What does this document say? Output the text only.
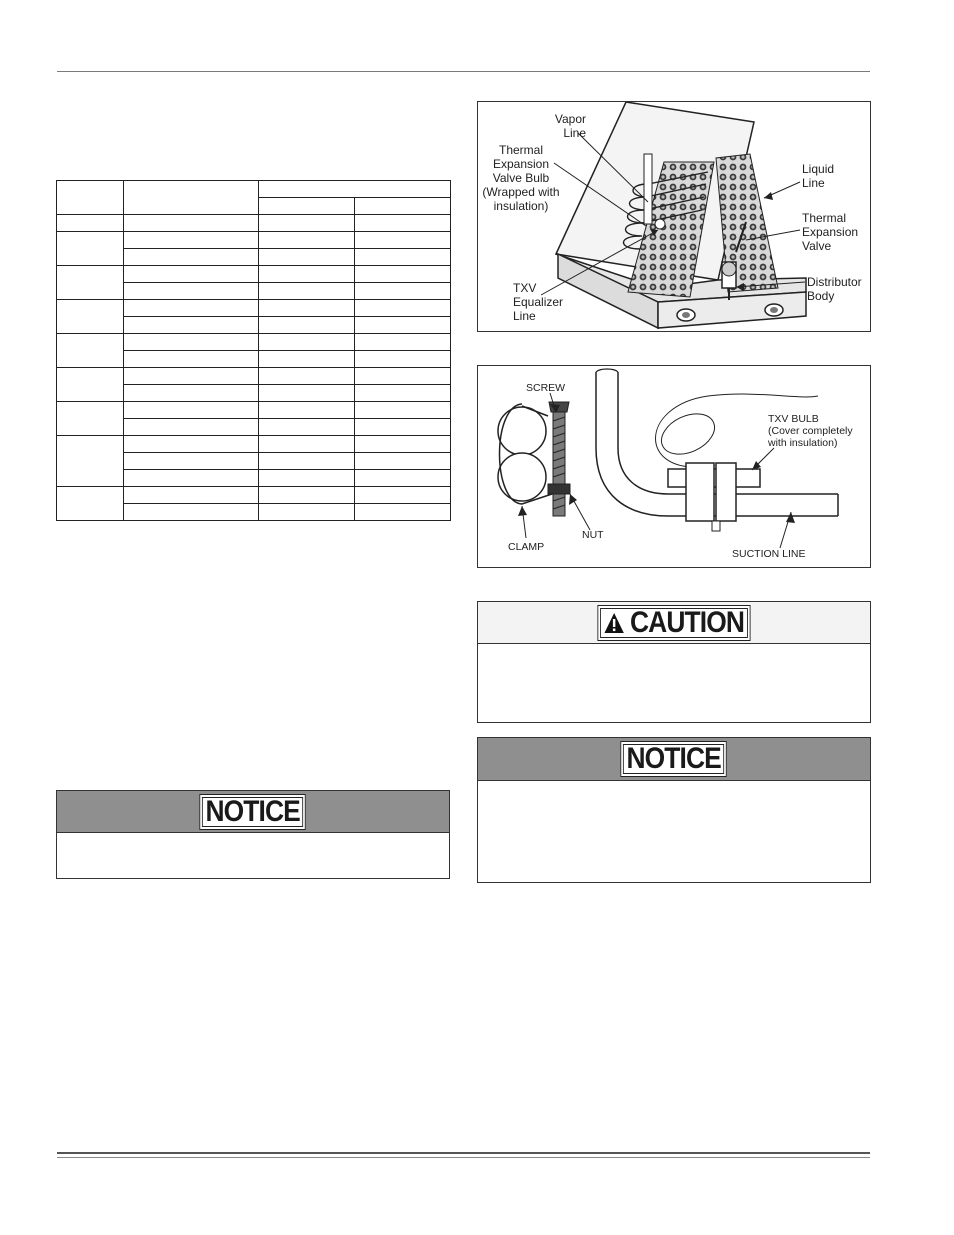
Vapor
Line
Thermal
Expansion
Valve Bulb
(Wrapped with
insulation)
Liquid
Line
Thermal
Expansion
Valve
TXV
Equalizer
Line
Distributor
Body
SCREW
TXV BULB
(Cover completely
with insulation)
CLAMP
NUT
SUCTION LINE
CAUTION
NOTICE
NOTICE
